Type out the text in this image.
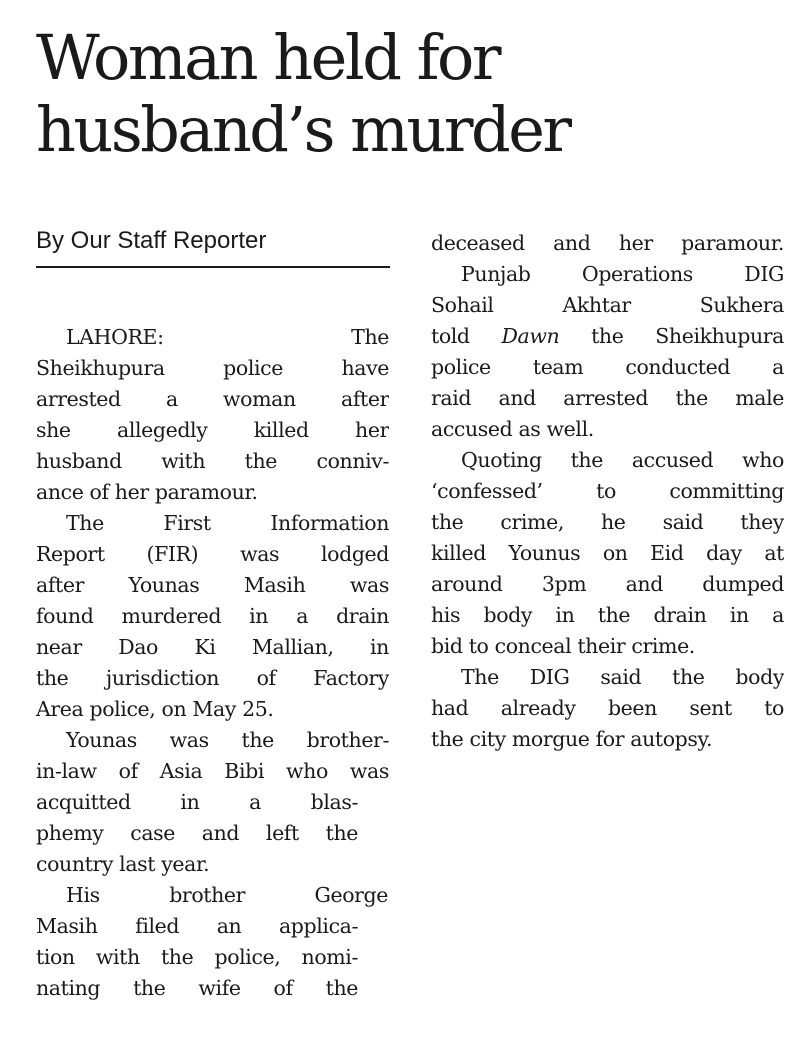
Woman held for
husband’s murder
By Our Staff Reporter
LAHORE: The
Sheikhupura police have
arrested a woman after
she allegedly killed her
husband with the conniv-
ance of her paramour.
The First Information
Report (FIR) was lodged
after Younas Masih was
found murdered in a drain
near Dao Ki Mallian, in
the jurisdiction of Factory
Area police, on May 25.
Younas was the brother-
in-law of Asia Bibi who was
acquitted in a blas-
phemy case and left the
country last year.
His brother George
Masih filed an applica-
tion with the police, nomi-
nating the wife of the
deceased and her paramour.
Punjab Operations DIG
Sohail Akhtar Sukhera
told Dawn the Sheikhupura
police team conducted a
raid and arrested the male
accused as well.
Quoting the accused who
‘confessed’ to committing
the crime, he said they
killed Younus on Eid day at
around 3pm and dumped
his body in the drain in a
bid to conceal their crime.
The DIG said the body
had already been sent to
the city morgue for autopsy.
